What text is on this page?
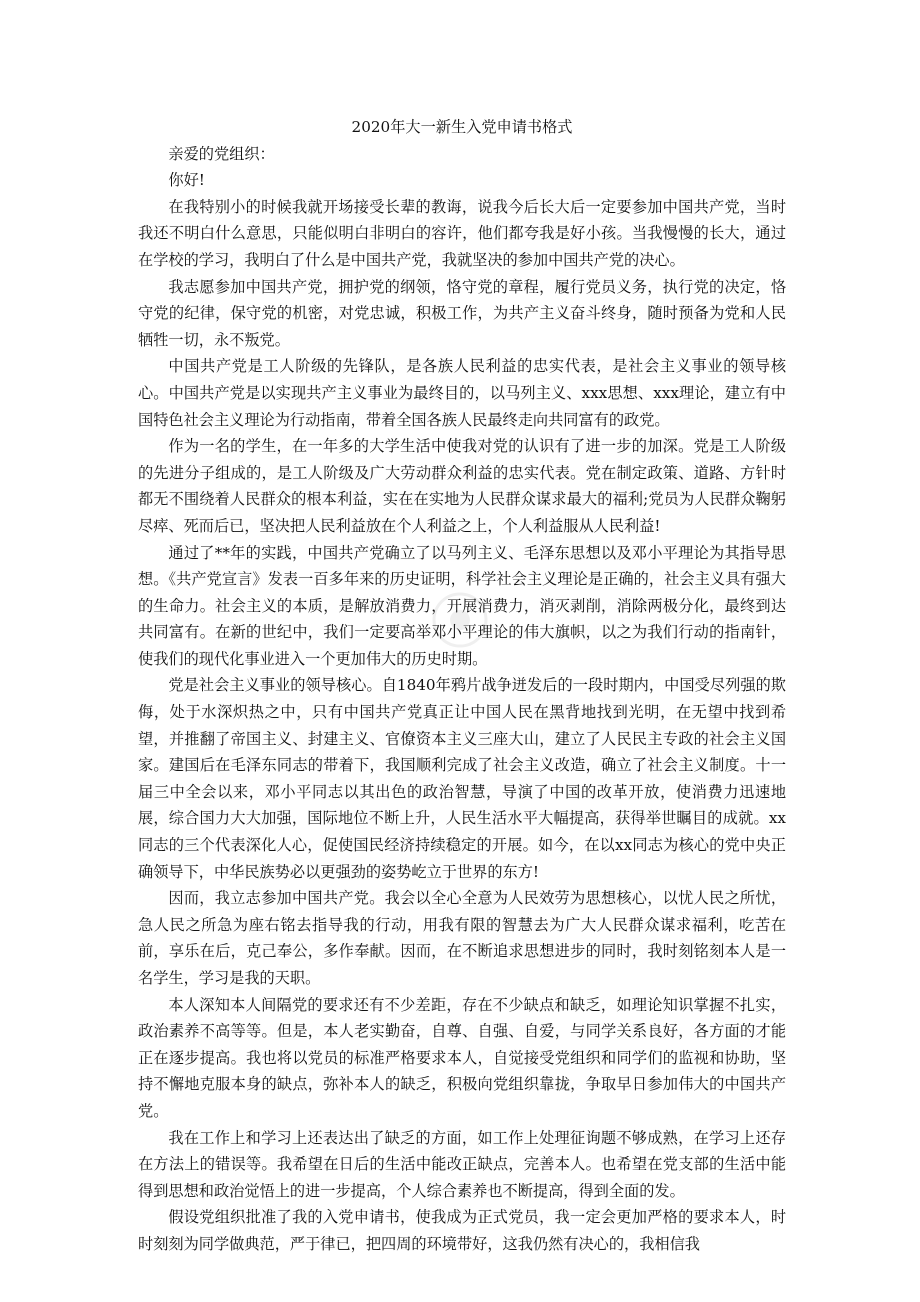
2020年大一新生入党申请书格式

亲爱的党组织：

你好!

在我特别小的时候我就开场接受长辈的教诲，说我今后长大后一定要参加中国共产党，当时我还不明白什么意思，只能似明白非明白的容许，他们都夸我是好小孩。当我慢慢的长大，通过在学校的学习，我明白了什么是中国共产党，我就坚决的参加中国共产党的决心。

我志愿参加中国共产党，拥护党的纲领，恪守党的章程，履行党员义务，执行党的决定，恪守党的纪律，保守党的机密，对党忠诚，积极工作，为共产主义奋斗终身，随时预备为党和人民牺牲一切，永不叛党。

中国共产党是工人阶级的先锋队，是各族人民利益的忠实代表，是社会主义事业的领导核心。中国共产党是以实现共产主义事业为最终目的，以马列主义、xxx思想、xxx理论，建立有中国特色社会主义理论为行动指南，带着全国各族人民最终走向共同富有的政党。

作为一名的学生，在一年多的大学生活中使我对党的认识有了进一步的加深。党是工人阶级的先进分子组成的，是工人阶级及广大劳动群众利益的忠实代表。党在制定政策、道路、方针时都无不围绕着人民群众的根本利益，实在在实地为人民群众谋求最大的福利;党员为人民群众鞠躬尽瘁、死而后已，坚决把人民利益放在个人利益之上，个人利益服从人民利益!

通过了**年的实践，中国共产党确立了以马列主义、毛泽东思想以及邓小平理论为其指导思想。《共产党宣言》发表一百多年来的历史证明，科学社会主义理论是正确的，社会主义具有强大的生命力。社会主义的本质，是解放消费力，开展消费力，消灭剥削，消除两极分化，最终到达共同富有。在新的世纪中，我们一定要高举邓小平理论的伟大旗帜，以之为我们行动的指南针，使我们的现代化事业进入一个更加伟大的历史时期。

党是社会主义事业的领导核心。自1840年鸦片战争迸发后的一段时期内，中国受尽列强的欺侮，处于水深炽热之中，只有中国共产党真正让中国人民在黑背地找到光明，在无望中找到希望，并推翻了帝国主义、封建主义、官僚资本主义三座大山，建立了人民民主专政的社会主义国家。建国后在毛泽东同志的带着下，我国顺利完成了社会主义改造，确立了社会主义制度。十一届三中全会以来，邓小平同志以其出色的政治智慧，导演了中国的改革开放，使消费力迅速地展，综合国力大大加强，国际地位不断上升，人民生活水平大幅提高，获得举世瞩目的成就。xx同志的三个代表深化人心，促使国民经济持续稳定的开展。如今，在以xx同志为核心的党中央正确领导下，中华民族势必以更强劲的姿势屹立于世界的东方!

因而，我立志参加中国共产党。我会以全心全意为人民效劳为思想核心，以忧人民之所忧，急人民之所急为座右铭去指导我的行动，用我有限的智慧去为广大人民群众谋求福利，吃苦在前，享乐在后，克己奉公，多作奉献。因而，在不断追求思想进步的同时，我时刻铭刻本人是一名学生，学习是我的天职。

本人深知本人间隔党的要求还有不少差距，存在不少缺点和缺乏，如理论知识掌握不扎实，政治素养不高等等。但是，本人老实勤奋，自尊、自强、自爱，与同学关系良好，各方面的才能正在逐步提高。我也将以党员的标准严格要求本人，自觉接受党组织和同学们的监视和协助，坚持不懈地克服本身的缺点，弥补本人的缺乏，积极向党组织靠拢，争取早日参加伟大的中国共产党。

我在工作上和学习上还表达出了缺乏的方面，如工作上处理征询题不够成熟，在学习上还存在方法上的错误等。我希望在日后的生活中能改正缺点，完善本人。也希望在党支部的生活中能得到思想和政治觉悟上的进一步提高，个人综合素养也不断提高，得到全面的发。

假设党组织批准了我的入党申请书，使我成为正式党员，我一定会更加严格的要求本人，时时刻刻为同学做典范，严于律已，把四周的环境带好，这我仍然有决心的，我相信我
